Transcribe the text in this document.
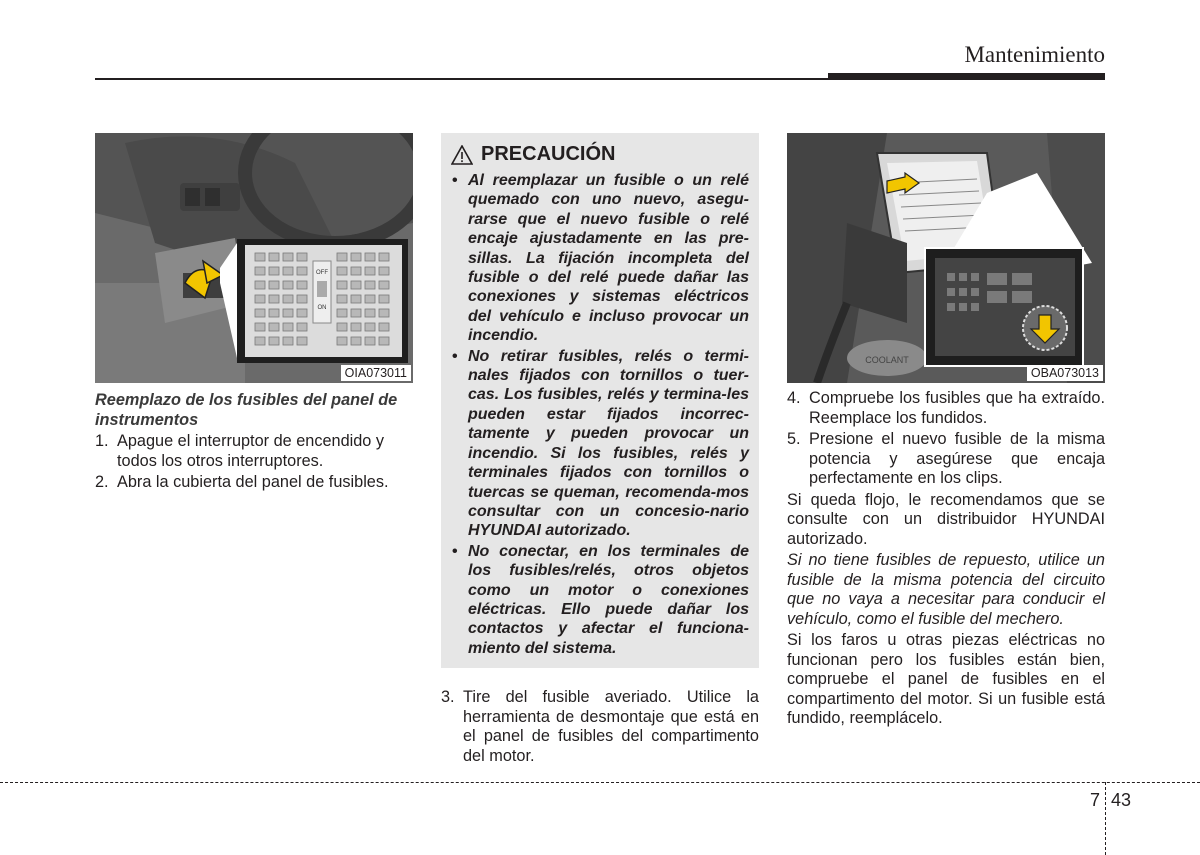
Mantenimiento
OFF
ON
OIA073011
Reemplazo de los fusibles del panel de instrumentos
1. Apague el interruptor de encendido y todos los otros interruptores.
2. Abra la cubierta del panel de fusibles.
PRECAUCIÓN
• Al reemplazar un fusible o un relé quemado con uno nuevo, asegu-rarse que el nuevo fusible o relé encaje ajustadamente en las pre-sillas. La fijación incompleta del fusible o del relé puede dañar las conexiones y sistemas eléctricos del vehículo e incluso provocar un incendio.
• No retirar fusibles, relés o termi-nales fijados con tornillos o tuer-cas. Los fusibles, relés y termina-les pueden estar fijados incorrec-tamente y pueden provocar un incendio. Si los fusibles, relés y terminales fijados con tornillos o tuercas se queman, recomenda-mos consultar con un concesio-nario HYUNDAI autorizado.
• No conectar, en los terminales de los fusibles/relés, otros objetos como un motor o conexiones eléctricas. Ello puede dañar los contactos y afectar el funciona-miento del sistema.
3. Tire del fusible averiado. Utilice la herramienta de desmontaje que está en el panel de fusibles del compartimento del motor.
COOLANT
OBA073013
4. Compruebe los fusibles que ha extraído. Reemplace los fundidos.
5. Presione el nuevo fusible de la misma potencia y asegúrese que encaja perfectamente en los clips.
Si queda flojo, le recomendamos que se consulte con un distribuidor HYUNDAI autorizado.
Si no tiene fusibles de repuesto, utilice un fusible de la misma potencia del circuito que no vaya a necesitar para conducir el vehículo, como el fusible del mechero.
Si los faros u otras piezas eléctricas no funcionan pero los fusibles están bien, compruebe el panel de fusibles en el compartimento del motor. Si un fusible está fundido, reemplácelo.
7 43
